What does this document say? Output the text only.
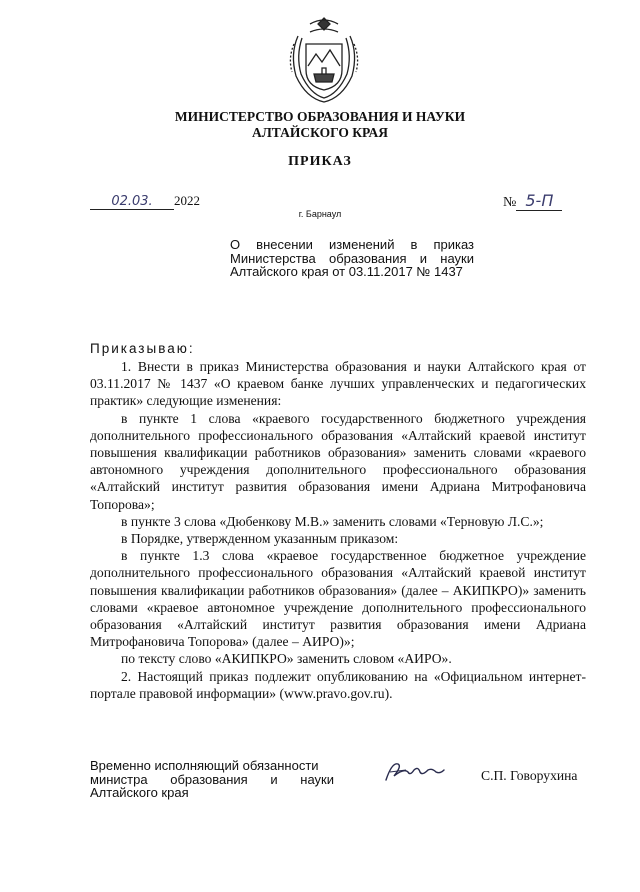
МИНИСТЕРСТВО ОБРАЗОВАНИЯ И НАУКИ
АЛТАЙСКОГО КРАЯ
ПРИКАЗ
02.03. 2022	№ 5-П
г. Барнаул
О внесении изменений в приказ Министерства образования и науки Алтайского края от 03.11.2017 № 1437
Приказываю:

1. Внести в приказ Министерства образования и науки Алтайского края от 03.11.2017 № 1437 «О краевом банке лучших управленческих и педагогических практик» следующие изменения:

в пункте 1 слова «краевого государственного бюджетного учреждения дополнительного профессионального образования «Алтайский краевой институт повышения квалификации работников образования» заменить словами «краевого автономного учреждения дополнительного профессионального образования «Алтайский институт развития образования имени Адриана Митрофановича Топорова»;

в пункте 3 слова «Дюбенкову М.В.» заменить словами «Терновую Л.С.»;

в Порядке, утвержденном указанным приказом:

в пункте 1.3 слова «краевое государственное бюджетное учреждение дополнительного профессионального образования «Алтайский краевой институт повышения квалификации работников образования» (далее – АКИПКРО)» заменить словами «краевое автономное учреждение дополнительного профессионального образования «Алтайский институт развития образования имени Адриана Митрофановича Топорова» (далее – АИРО)»;

по тексту слово «АКИПКРО» заменить словом «АИРО».

2. Настоящий приказ подлежит опубликованию на «Официальном интернет-портале правовой информации» (www.pravo.gov.ru).

Временно исполняющий обязанности
министра образования и науки
Алтайского края
С.П. Говорухина
